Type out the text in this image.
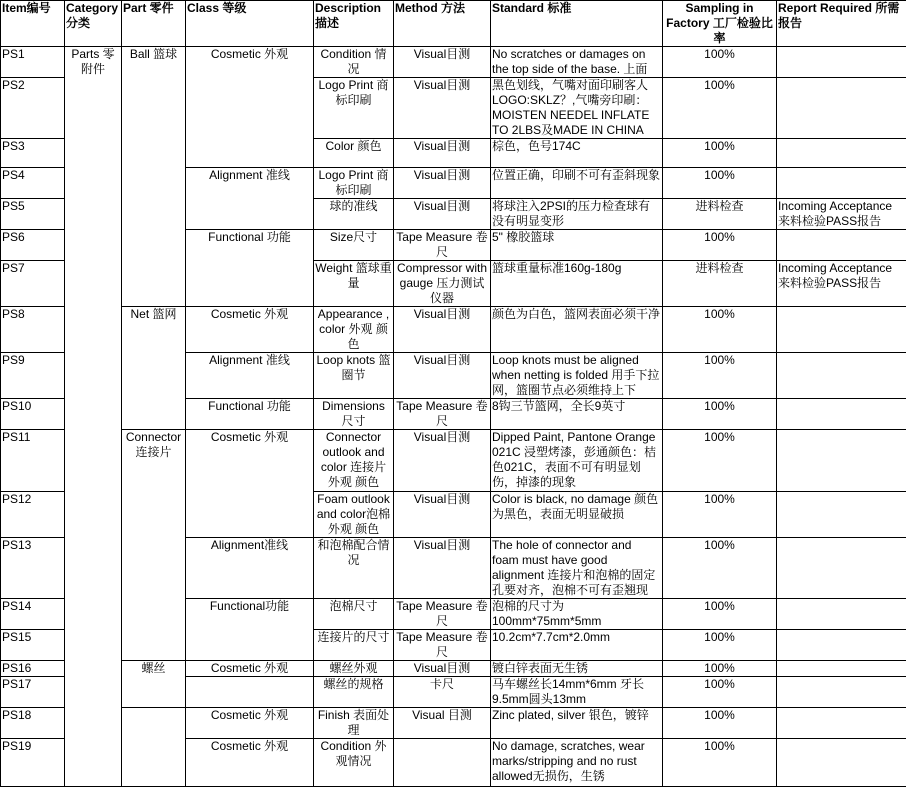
Item编号	Category 分类	Part 零件	Class 等级	Description 描述	Method 方法	Standard 标准	Sampling in Factory 工厂检验比率	Report Required 所需报告
PS1	Parts 零附件	Ball 篮球	Cosmetic 外观	Condition 情况	Visual目测	No scratches or damages on the top side of the base. 上面	100%	
PS2				Logo Print 商标印刷	Visual目测	黑色划线，气嘴对面印刷客人LOGO:SKLZ？,气嘴旁印刷：MOISTEN NEEDEL INFLATE TO 2LBS及MADE IN CHINA	100%	
PS3				Color 颜色	Visual目测	棕色，色号174C	100%	
PS4			Alignment 准线	Logo Print 商标印刷	Visual目测	位置正确，印刷不可有歪斜现象	100%	
PS5				球的准线	Visual目测	将球注入2PSI的压力检查球有没有明显变形	进料检查	Incoming Acceptance 来料检验PASS报告
PS6			Functional 功能	Size尺寸	Tape Measure 卷尺	5" 橡胶篮球	100%	
PS7				Weight 篮球重量	Compressor with gauge 压力测试仪器	篮球重量标准160g-180g	进料检查	Incoming Acceptance 来料检验PASS报告
PS8		Net 篮网	Cosmetic 外观	Appearance , color 外观 颜色	Visual目测	颜色为白色，篮网表面必须干净	100%	
PS9			Alignment 准线	Loop knots 篮圈节	Visual目测	Loop knots must be aligned when netting is folded 用手下拉网，篮圈节点必须维持上下	100%	
PS10			Functional 功能	Dimensions 尺寸	Tape Measure 卷尺	8钩三节篮网，全长9英寸	100%	
PS11		Connector 连接片	Cosmetic 外观	Connector outlook and color 连接片外观 颜色	Visual目测	Dipped Paint, Pantone Orange 021C 浸塑烤漆，彭通颜色：桔色021C，表面不可有明显划伤，掉漆的现象	100%	
PS12				Foam outlook and color泡棉外观 颜色	Visual目测	Color is black, no damage 颜色为黑色，表面无明显破损	100%	
PS13			Alignment准线	和泡棉配合情况	Visual目测	The hole of connector and foam must have good alignment 连接片和泡棉的固定孔要对齐，泡棉不可有歪翘现	100%	
PS14			Functional功能	泡棉尺寸	Tape Measure 卷尺	泡棉的尺寸为 100mm*75mm*5mm	100%	
PS15				连接片的尺寸	Tape Measure 卷尺	10.2cm*7.7cm*2.0mm	100%	
PS16		螺丝	Cosmetic 外观	螺丝外观	Visual目测	镀白锌表面无生锈	100%	
PS17				螺丝的规格	卡尺	马车螺丝长14mm*6mm 牙长9.5mm圆头13mm	100%	
PS18			Cosmetic 外观	Finish 表面处理	Visual 目测	Zinc plated, silver 银色，镀锌	100%	
PS19			Cosmetic 外观	Condition 外观情况		No damage, scratches, wear marks/stripping and no rust allowed无损伤，生锈	100%	
